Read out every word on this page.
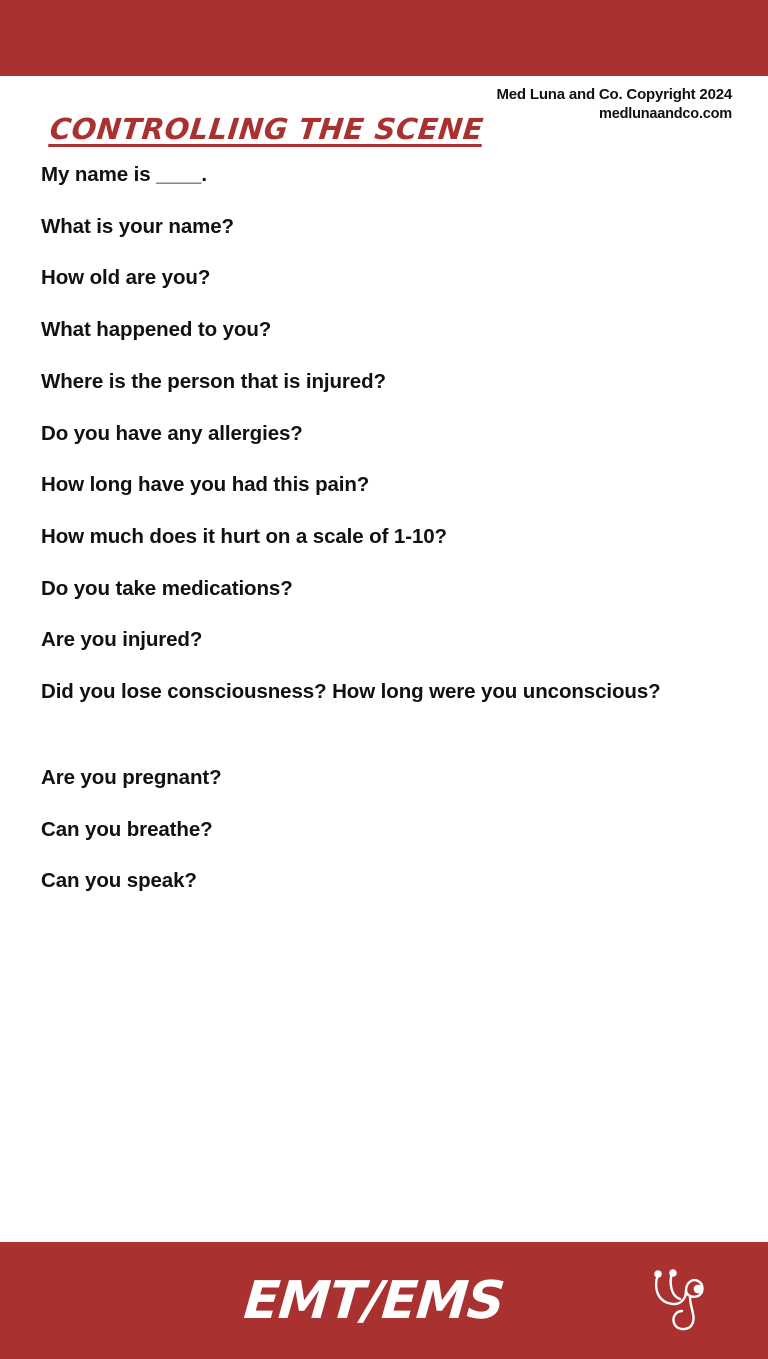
Med Luna and Co. Copyright 2024
medlunaandco.com
CONTROLLING THE SCENE
My name is ____.
What is your name?
How old are you?
What happened to you?
Where is the person that is injured?
Do you have any allergies?
How long have you had this pain?
How much does it hurt on a scale of 1-10?
Do you take medications?
Are you injured?
Did you lose consciousness? How long were you unconscious?
Are you pregnant?
Can you breathe?
Can you speak?
EMT/EMS
